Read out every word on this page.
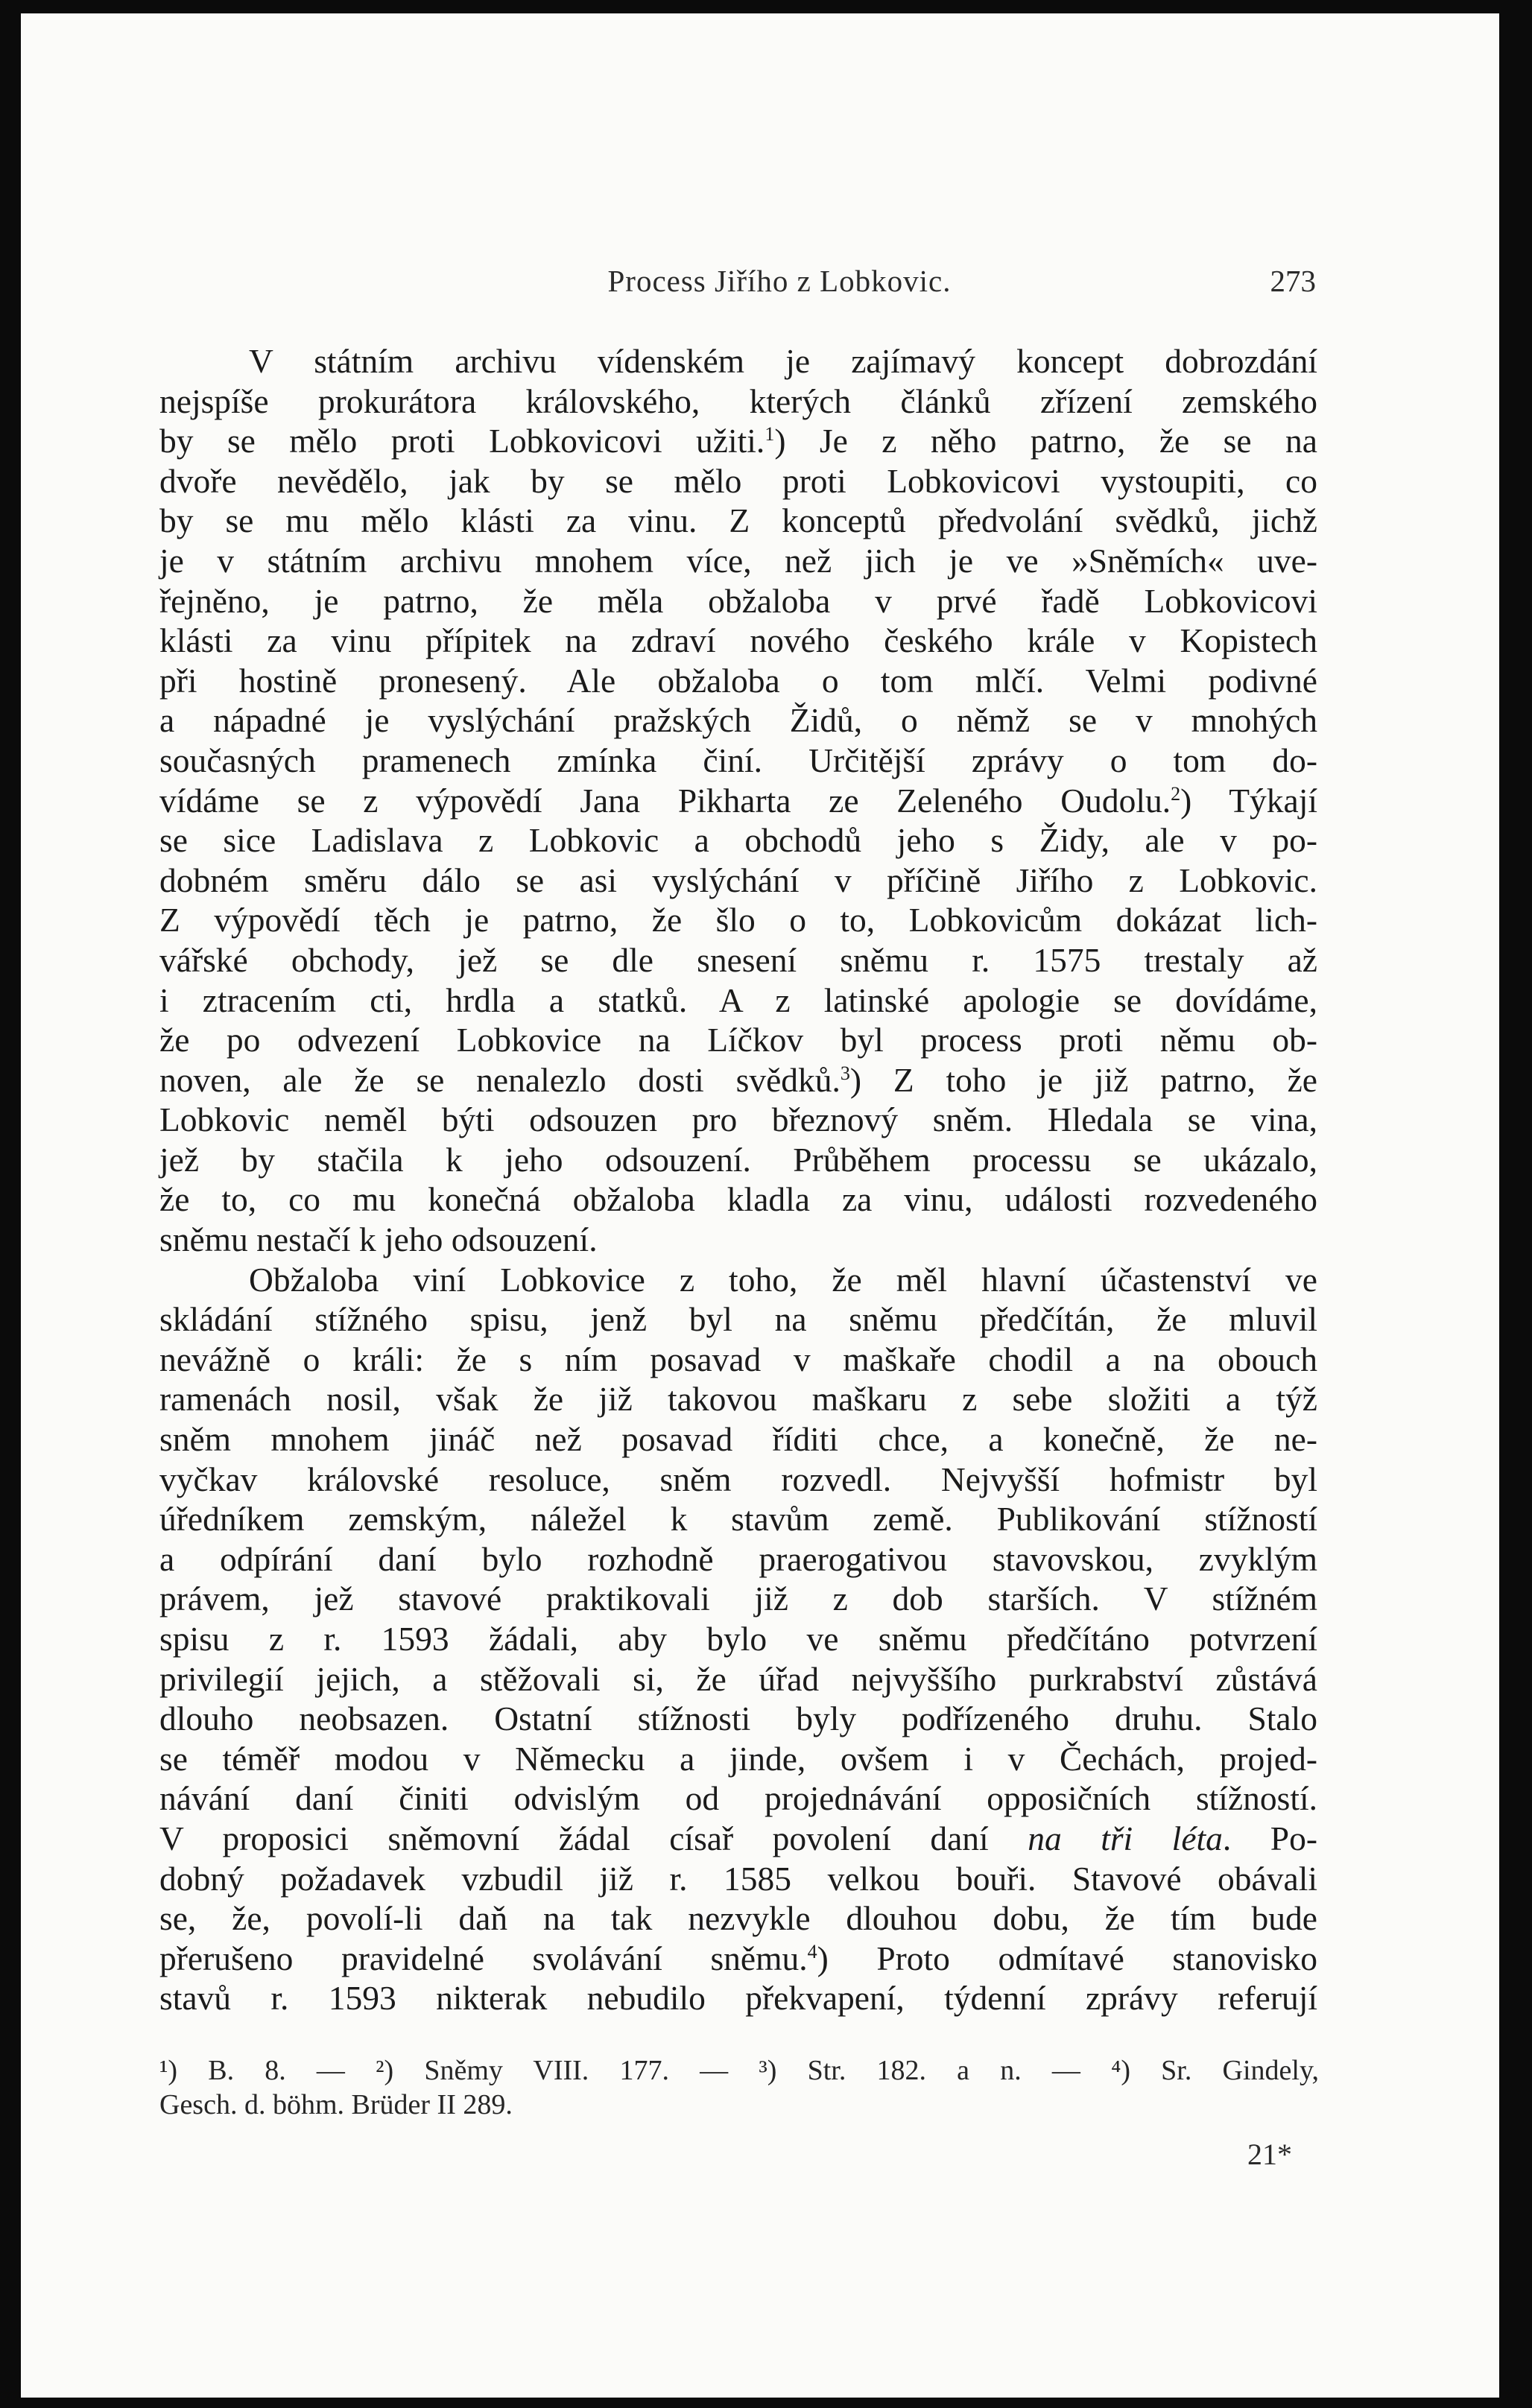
Process Jiřího z Lobkovic.	273
V státním archivu vídenském je zajímavý koncept dobrozdání
nejspíše prokurátora královského, kterých článků zřízení zemského
by se mělo proti Lobkovicovi užiti.$^1$) Je z něho patrno, že se na
dvoře nevědělo, jak by se mělo proti Lobkovicovi vystoupiti, co
by se mu mělo klásti za vinu. Z konceptů předvolání svědků, jichž
je v státním archivu mnohem více, než jich je ve »Sněmích« uve-
řejněno, je patrno, že měla obžaloba v prvé řadě Lobkovicovi
klásti za vinu přípitek na zdraví nového českého krále v Kopistech
při hostině pronesený. Ale obžaloba o tom mlčí. Velmi podivné
a nápadné je vyslýchání pražských Židů, o němž se v mnohých
současných pramenech zmínka činí. Určitější zprávy o tom do-
vídáme se z výpovědí Jana Pikharta ze Zeleného Oudolu.$^2$) Týkají
se sice Ladislava z Lobkovic a obchodů jeho s Židy, ale v po-
dobném směru dálo se asi vyslýchání v příčině Jiřího z Lobkovic.
Z výpovědí těch je patrno, že šlo o to, Lobkovicům dokázat lich-
vářské obchody, jež se dle snesení sněmu r. 1575 trestaly až
i ztracením cti, hrdla a statků. A z latinské apologie se dovídáme,
že po odvezení Lobkovice na Líčkov byl process proti němu ob-
noven, ale že se nenalezlo dosti svědků.$^3$) Z toho je již patrno, že
Lobkovic neměl býti odsouzen pro březnový sněm. Hledala se vina,
jež by stačila k jeho odsouzení. Průběhem processu se ukázalo,
že to, co mu konečná obžaloba kladla za vinu, události rozvedeného
sněmu nestačí k jeho odsouzení.
Obžaloba viní Lobkovice z toho, že měl hlavní účastenství ve
skládání stížného spisu, jenž byl na sněmu předčítán, že mluvil
nevážně o králi: že s ním posavad v maškaře chodil a na obouch
ramenách nosil, však že již takovou maškaru z sebe složiti a týž
sněm mnohem jináč než posavad říditi chce, a konečně, že ne-
vyčkav královské resoluce, sněm rozvedl. Nejvyšší hofmistr byl
úředníkem zemským, náležel k stavům země. Publikování stížností
a odpírání daní bylo rozhodně praerogativou stavovskou, zvyklým
právem, jež stavové praktikovali již z dob starších. V stížném
spisu z r. 1593 žádali, aby bylo ve sněmu předčítáno potvrzení
privilegií jejich, a stěžovali si, že úřad nejvyššího purkrabství zůstává
dlouho neobsazen. Ostatní stížnosti byly podřízeného druhu. Stalo
se téměř modou v Německu a jinde, ovšem i v Čechách, projed-
návání daní činiti odvislým od projednávání opposičních stížností.
V proposici sněmovní žádal císař povolení daní na tři léta. Po-
dobný požadavek vzbudil již r. 1585 velkou bouři. Stavové obávali
se, že, povolí-li daň na tak nezvykle dlouhou dobu, že tím bude
přerušeno pravidelné svolávání sněmu.$^4$) Proto odmítavé stanovisko
stavů r. 1593 nikterak nebudilo překvapení, týdenní zprávy referují
¹) B. 8. — ²) Sněmy VIII. 177. — ³) Str. 182. a n. — ⁴) Sr. Gindely,
Gesch. d. böhm. Brüder II 289.
21*
